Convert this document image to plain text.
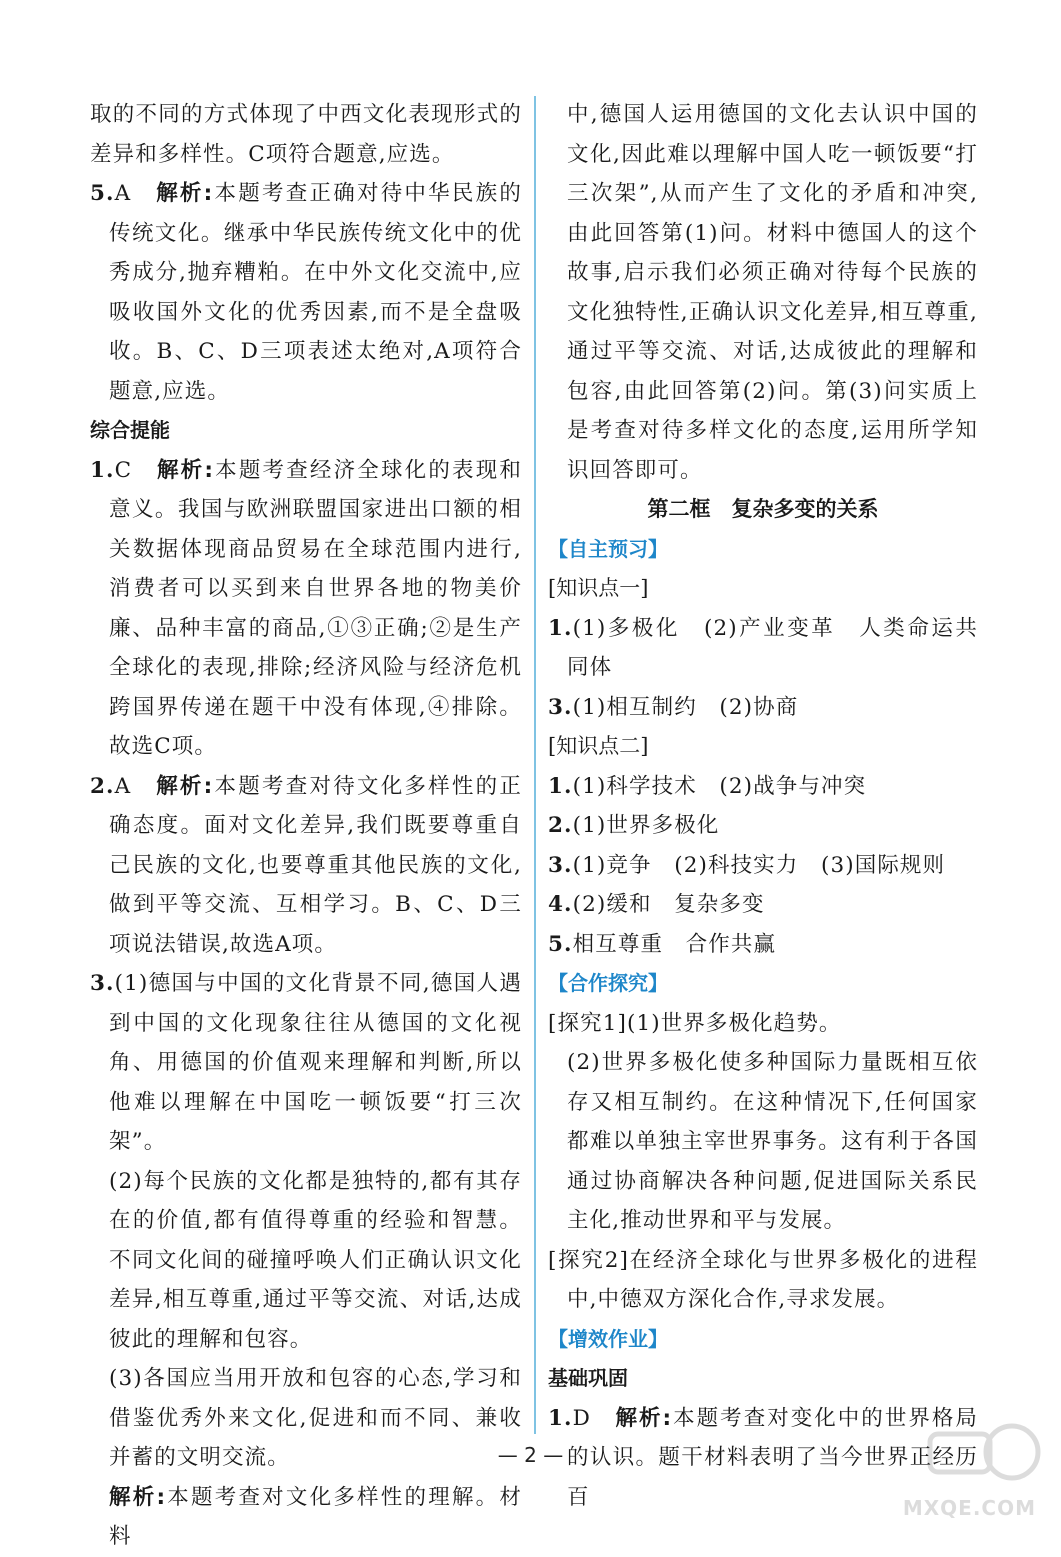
取的不同的方式体现了中西文化表现形式的差异和多样性。C项符合题意,应选。

5.A　 解析:本题考查正确对待中华民族的传统文化。继承中华民族传统文化中的优秀成分,抛弃糟粕。在中外文化交流中,应吸收国外文化的优秀因素,而不是全盘吸收。B、C、D三项表述太绝对,A项符合题意,应选。

综合提能

1.C　 解析:本题考查经济全球化的表现和意义。我国与欧洲联盟国家进出口额的相关数据体现商品贸易在全球范围内进行,消费者可以买到来自世界各地的物美价廉、品种丰富的商品,①③正确;②是生产全球化的表现,排除;经济风险与经济危机跨国界传递在题干中没有体现,④排除。故选C项。

2.A　 解析:本题考查对待文化多样性的正确态度。面对文化差异,我们既要尊重自己民族的文化,也要尊重其他民族的文化,做到平等交流、互相学习。B、C、D三项说法错误,故选A项。

3.(1)德国与中国的文化背景不同,德国人遇到中国的文化现象往往从德国的文化视角、用德国的价值观来理解和判断,所以他难以理解在中国吃一顿饭要“打三次架”。

(2)每个民族的文化都是独特的,都有其存在的价值,都有值得尊重的经验和智慧。不同文化间的碰撞呼唤人们正确认识文化差异,相互尊重,通过平等交流、对话,达成彼此的理解和包容。

(3)各国应当用开放和包容的心态,学习和借鉴优秀外来文化,促进和而不同、兼收并蓄的文明交流。

解析:本题考查对文化多样性的理解。材料

中,德国人运用德国的文化去认识中国的文化,因此难以理解中国人吃一顿饭要“打三次架”,从而产生了文化的矛盾和冲突,由此回答第(1)问。材料中德国人的这个故事,启示我们必须正确对待每个民族的文化独特性,正确认识文化差异,相互尊重,通过平等交流、对话,达成彼此的理解和包容,由此回答第(2)问。第(3)问实质上是考查对待多样文化的态度,运用所学知识回答即可。

第二框　复杂多变的关系

【自主预习】

[知识点一]

1.(1)多极化　(2)产业变革　人类命运共同体

3.(1)相互制约　(2)协商

[知识点二]

1.(1)科学技术　(2)战争与冲突

2.(1)世界多极化

3.(1)竞争　(2)科技实力　(3)国际规则

4.(2)缓和　复杂多变

5.相互尊重　合作共赢

【合作探究】

[探究1](1)世界多极化趋势。

(2)世界多极化使多种国际力量既相互依存又相互制约。在这种情况下,任何国家都难以单独主宰世界事务。这有利于各国通过协商解决各种问题,促进国际关系民主化,推动世界和平与发展。

[探究2]在经济全球化与世界多极化的进程中,中德双方深化合作,寻求发展。

【增效作业】

基础巩固

1.D　 解析:本题考查对变化中的世界格局的认识。题干材料表明了当今世界正经历百

— 2 —
MXQE.COM
